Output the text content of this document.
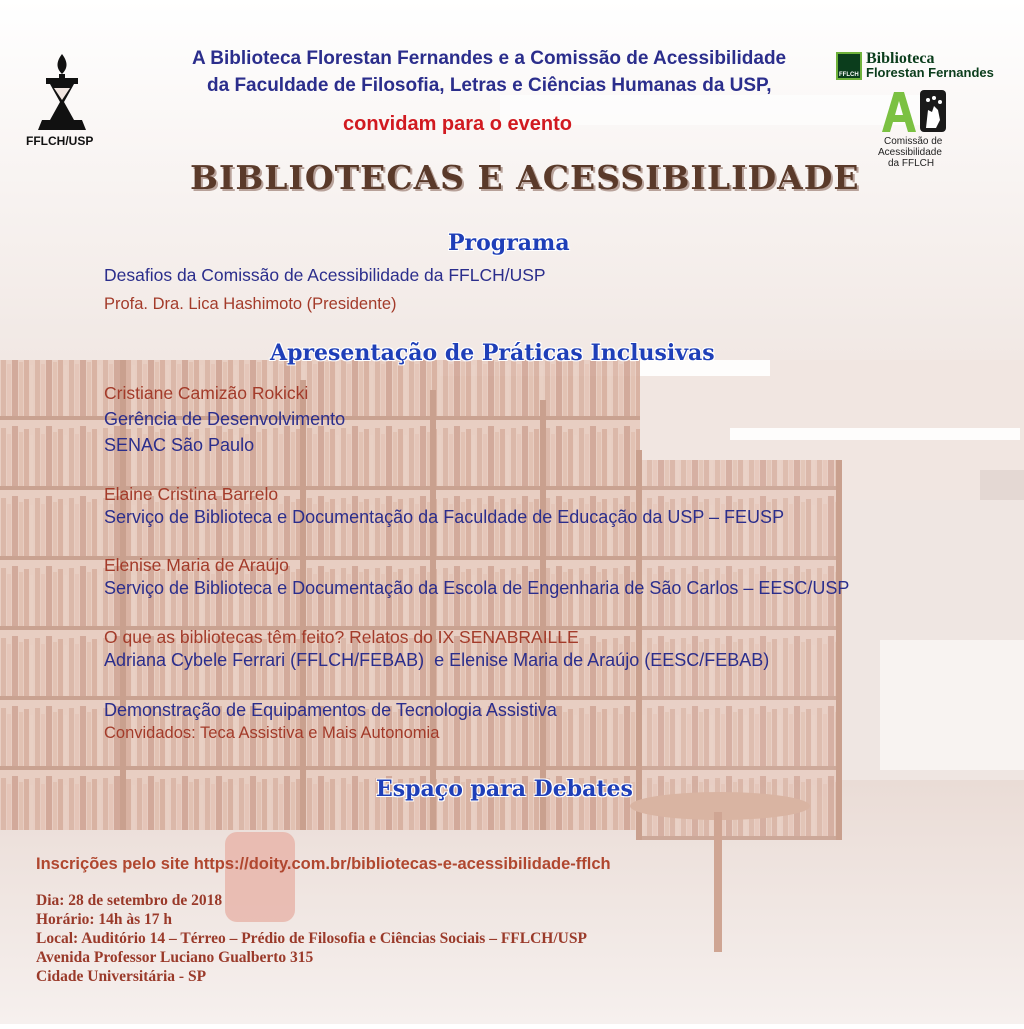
FFLCH/USP
FFLCH
Biblioteca
Florestan Fernandes
Comissão de
Acessibilidade
da FFLCH
A Biblioteca Florestan Fernandes e a Comissão de Acessibilidade
da Faculdade de Filosofia, Letras e Ciências Humanas da USP,
convidam para o evento
BIBLIOTECAS E ACESSIBILIDADE
Programa
Desafios da Comissão de Acessibilidade da FFLCH/USP
Profa. Dra. Lica Hashimoto (Presidente)
Apresentação de Práticas Inclusivas
Cristiane Camizão Rokicki
Gerência de Desenvolvimento
SENAC São Paulo
Elaine Cristina Barrelo
Serviço de Biblioteca e Documentação da Faculdade de Educação da USP – FEUSP
Elenise Maria de Araújo
Serviço de Biblioteca e Documentação da Escola de Engenharia de São Carlos – EESC/USP
O que as bibliotecas têm feito? Relatos do IX SENABRAILLE
Adriana Cybele Ferrari (FFLCH/FEBAB)  e Elenise Maria de Araújo (EESC/FEBAB)
Demonstração de Equipamentos de Tecnologia Assistiva
Convidados: Teca Assistiva e Mais Autonomia
Espaço para Debates
Inscrições pelo site https://doity.com.br/bibliotecas-e-acessibilidade-fflch
Dia: 28 de setembro de 2018
Horário: 14h às 17 h
Local: Auditório 14 – Térreo – Prédio de Filosofia e Ciências Sociais – FFLCH/USP
Avenida Professor Luciano Gualberto 315
Cidade Universitária - SP
